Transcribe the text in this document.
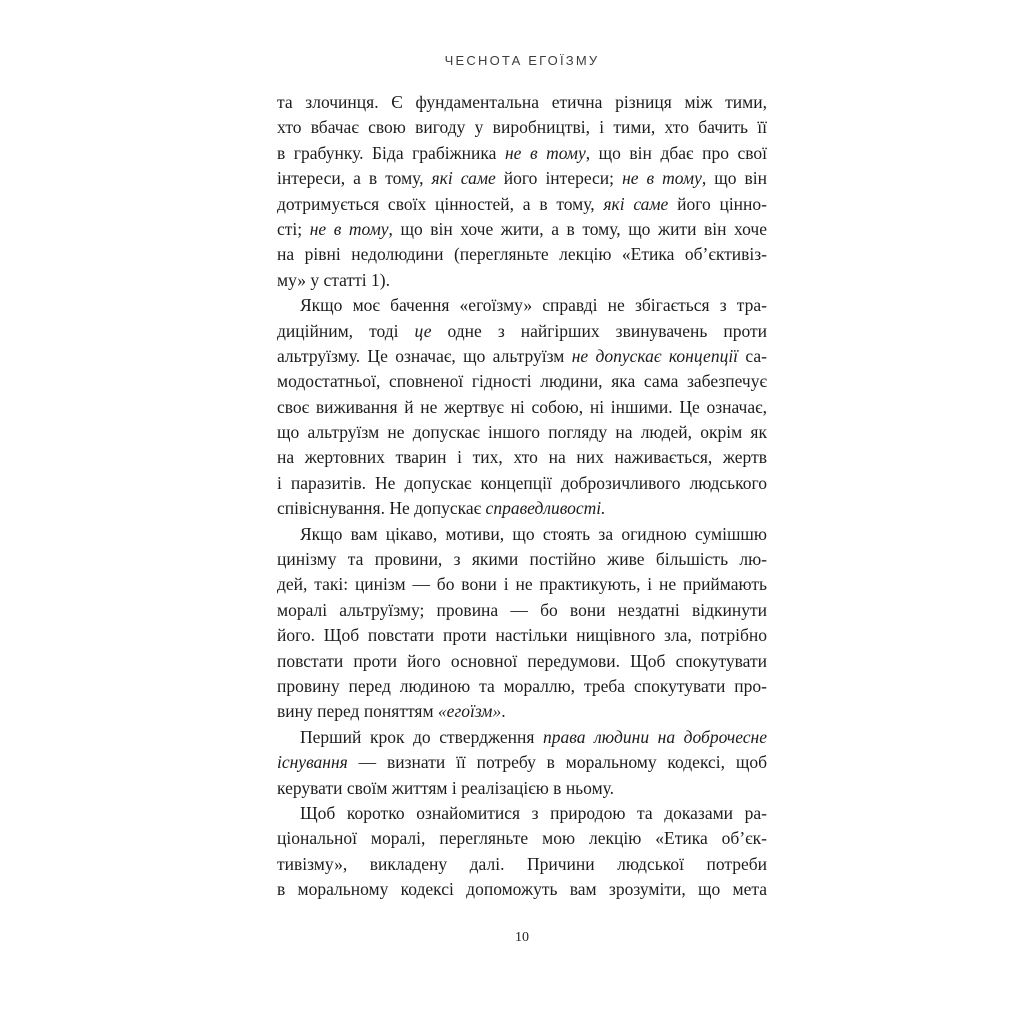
ЧЕСНОТА ЕГОЇЗМУ
та злочинця. Є фундаментальна етична різниця між тими,
хто вбачає свою вигоду у виробництві, і тими, хто бачить її
в грабунку. Біда грабіжника не в тому, що він дбає про свої
інтереси, а в тому, які саме його інтереси; не в тому, що він
дотримується своїх цінностей, а в тому, які саме його цінно-
сті; не в тому, що він хоче жити, а в тому, що жити він хоче
на рівні недолюдини (перегляньте лекцію «Етика об’єктивіз-
му» у статті 1).
Якщо моє бачення «егоїзму» справді не збігається з тра-
диційним, тоді це одне з найгірших звинувачень проти
альтруїзму. Це означає, що альтруїзм не допускає концепції са-
модостатньої, сповненої гідності людини, яка сама забезпечує
своє виживання й не жертвує ні собою, ні іншими. Це означає,
що альтруїзм не допускає іншого погляду на людей, окрім як
на жертовних тварин і тих, хто на них наживається, жертв
і паразитів. Не допускає концепції доброзичливого людського
співіснування. Не допускає справедливості.
Якщо вам цікаво, мотиви, що стоять за огидною сумішшю
цинізму та провини, з якими постійно живе більшість лю-
дей, такі: цинізм — бо вони і не практикують, і не приймають
моралі альтруїзму; провина — бо вони нездатні відкинути
його. Щоб повстати проти настільки нищівного зла, потрібно
повстати проти його основної передумови. Щоб спокутувати
провину перед людиною та мораллю, треба спокутувати про-
вину перед поняттям «егоїзм».
Перший крок до ствердження права людини на доброчесне
існування — визнати її потребу в моральному кодексі, щоб
керувати своїм життям і реалізацією в ньому.
Щоб коротко ознайомитися з природою та доказами ра-
ціональної моралі, перегляньте мою лекцію «Етика об’єк-
тивізму», викладену далі. Причини людської потреби
в моральному кодексі допоможуть вам зрозуміти, що мета
10
